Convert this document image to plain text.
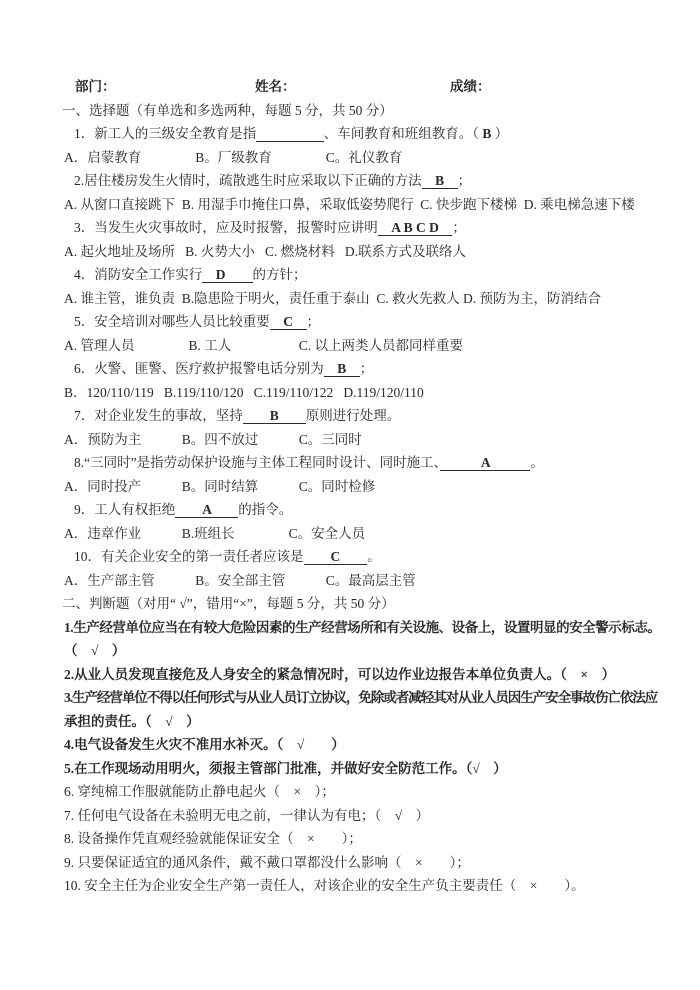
部门：

	姓名：

	成绩：

一、选择题（有单选和多选两种，每题 5 分，共 50 分）

1．新工人的三级安全教育是指　　　　　	、车间教育和班组教育。（ B ）

A．启蒙教育　　　　B。厂级教育　　　　C。礼仪教育

2.居住楼房发生火情时，疏散逃生时应采取以下正确的方法　B　；

A. 从窗口直接跳下  B. 用湿手巾掩住口鼻，采取低姿势爬行  C. 快步跑下楼梯  D. 乘电梯急速下楼

3．当发生火灾事故时，应及时报警，报警时应讲明　A B C D　；

A. 起火地址及场所   B. 火势大小   C. 燃烧材料   D.联系方式及联络人

4．消防安全工作实行　D　　的方针；

A. 谁主管，谁负责  B.隐患险于明火，责任重于泰山  C. 救火先救人 D. 预防为主，防消结合

5．安全培训对哪些人员比较重要　C　；

A. 管理人员　　　　B. 工人　　　　　C. 以上两类人员都同样重要

6．火警、匪警、医疗救护报警电话分别为　B　；

B．120/110/119   B.119/110/120   C.119/110/122   D.119/120/110

7．对企业发生的事故，坚持　　B　　原则进行处理。

A．预防为主　　　B。四不放过　　　C。三同时

8.“三同时”是指劳动保护设施与主体工程同时设计、同时施工、　　　A　　　。

A．同时投产　　　B。同时结算　　　C。同时检修

9．工人有权拒绝　　A　　的指令。

A．违章作业　　　B.班组长　　　　C。安全人员

10．有关企业安全的第一责任者应该是　　C　　。

A．生产部主管　　　B。安全部主管　　　C。最高层主管

二、判断题（对用“ √”，错用“×”，每题 5 分，共 50 分）

1.生产经营单位应当在有较大危险因素的生产经营场所和有关设施、设备上，设置明显的安全警示标志。
（　√　）

2.从业人员发现直接危及人身安全的紧急情况时，可以边作业边报告本单位负责人。（　×　）

3.生产经营单位不得以任何形式与从业人员订立协议，免除或者减轻其对从业人员因生产安全事故伤亡依法应
承担的责任。（　√　）

4.电气设备发生火灾不准用水补灭。（　√　　）

5.在工作现场动用明火，须报主管部门批准，并做好安全防范工作。（√　）

6. 穿纯棉工作服就能防止静电起火（　×　）；

7. 任何电气设备在未验明无电之前，一律认为有电；（　√　）

8. 设备操作凭直观经验就能保证安全（　×　　）；

9. 只要保证适宜的通风条件，戴不戴口罩都没什么影响（　×　　）；

10. 安全主任为企业安全生产第一责任人，对该企业的安全生产负主要责任（　×　　）。
